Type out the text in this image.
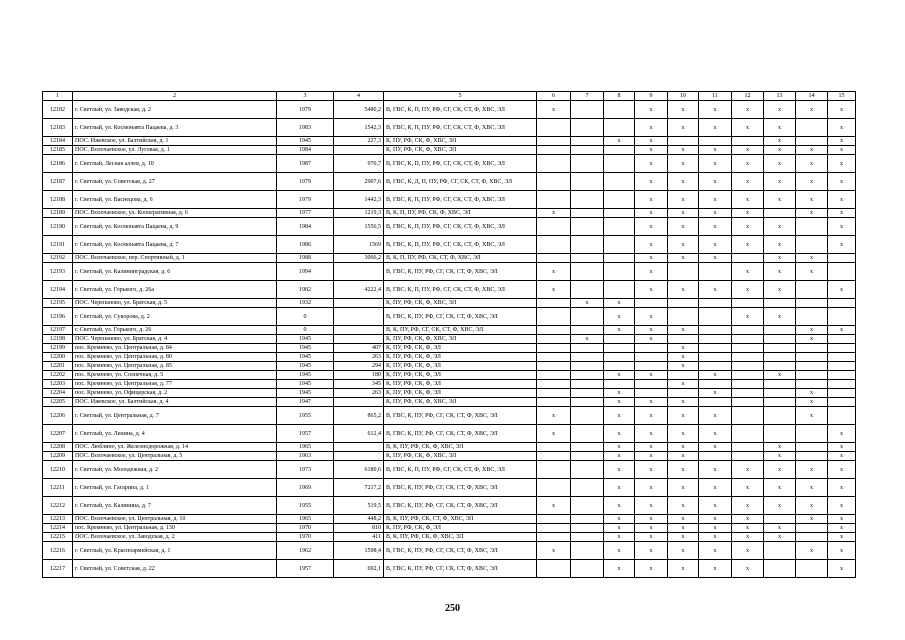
1	2	3	4	5	6	7	8	9	10	11	12	13	14	15
12182	г. Светлый, ул. Заводская, д. 2	1979	5480,2	В, ГВС, К, П, ПУ, РФ, СГ, СК, СТ, Ф, ХВС, ЭЛ	x			x	x	x	x	x	x	x
12183	г. Светлый, ул. Космонавта Пацаева, д. 3	1983	1542,3	В, ГВС, К, П, ПУ, РФ, СГ, СК, СТ, Ф, ХВС, ЭЛ				x	x	x	x	x		x
12184	ПОС. Ижевское, ул. Балтийская, д. 1	1945	227,3	К, ПУ, РФ, СК, Ф, ХВС, ЭЛ			x	x				x		x
12185	ПОС. Волочаевское, ул. Луговая, д. 1	1984		К, ПУ, РФ, СК, Ф, ХВС, ЭЛ				x	x	x	x	x	x	x
12186	г. Светлый, Лесная аллея, д. 10	1987	970,7	В, ГВС, К, П, ПУ, РФ, СГ, СК, СТ, Ф, ХВС, ЭЛ				x	x	x	x	x	x	x
12187	г. Светлый, ул. Советская, д. 27	1979	2907,6	В, ГВС, К, Д, П, ПУ, РФ, СГ, СК, СТ, Ф, ХВС, ЭЛ				x	x	x	x	x	x	x
12188	г. Светлый, ул. Васнецова, д. 6	1979	1442,3	В, ГВС, К, П, ПУ, РФ, СГ, СК, СТ, Ф, ХВС, ЭЛ				x	x	x	x	x	x	x
12189	ПОС. Волочаевское, ул. Кооперативная, д. 6	1977	1219,3	В, К, П, ПУ, РФ, СК, Ф, ХВС, ЭЛ	x			x	x	x	x		x	x
12190	г. Светлый, ул. Космонавта Пацаева, д. 9	1984	1556,5	В, ГВС, К, П, ПУ, РФ, СГ, СК, СТ, Ф, ХВС, ЭЛ				x	x	x	x	x		x
12191	г. Светлый, ул. Космонавта Пацаева, д. 7	1986	1569	В, ГВС, К, П, ПУ, РФ, СГ, СК, СТ, Ф, ХВС, ЭЛ				x	x	x	x	x		x
12192	ПОС. Волочаевское, пер. Спортивный, д. 1	1988	3066,2	В, К, П, ПУ, РФ, СК, СТ, Ф, ХВС, ЭЛ				x	x	x		x	x	
12193	г. Светлый, ул. Калининградская, д. 6	1994		В, ГВС, К, ПУ, РФ, СГ, СК, СТ, Ф, ХВС, ЭЛ	x			x			x	x	x	
12194	г. Светлый, ул. Горького, д. 26а	1982	4222,4	В, ГВС, К, П, ПУ, РФ, СГ, СК, СТ, Ф, ХВС, ЭЛ	x			x	x	x	x	x		x
12195	ПОС. Черепаново, ул. Братская, д. 5	1932		К, ПУ, РФ, СК, Ф, ХВС, ЭЛ		x	x							
12196	г. Светлый, ул. Суворова, д. 2	0		В, ГВС, К, ПУ, РФ, СГ, СК, СТ, Ф, ХВС, ЭЛ			x	x			x	x		
12197	г. Светлый, ул. Горького, д. 26	0		В, К, ПУ, РФ, СГ, СК, СТ, Ф, ХВС, ЭЛ			x	x	x				x	x
12198	ПОС. Черепаново, ул. Братская, д. 4	1945		К, ПУ, РФ, СК, Ф, ХВС, ЭЛ		x		x					x	
12199	пос. Кремнево, ул. Центральная, д. 84	1945	407	К, ПУ, РФ, СК, Ф, ЭЛ					x					
12200	пос. Кремнево, ул. Центральная, д. 80	1945	263	К, ПУ, РФ, СК, Ф, ЭЛ					x					
12201	пос. Кремнево, ул. Центральная, д. 85	1945	294	К, ПУ, РФ, СК, Ф, ЭЛ					x					
12202	пос. Кремнево, ул. Солнечная, д. 5	1945	180	К, ПУ, РФ, СК, Ф, ЭЛ			x	x		x		x		
12203	пос. Кремнево, ул. Центральная, д. 77	1945	345	К, ПУ, РФ, СК, Ф, ЭЛ					x					
12204	пос. Кремнево, ул. Офицерская, д. 2	1945	263	К, ПУ, РФ, СК, Ф, ЭЛ			x			x			x	
12205	ПОС. Ижевское, ул. Балтийская, д. 4	1947		К, ПУ, РФ, СК, Ф, ХВС, ЭЛ			x	x	x				x	
12206	г. Светлый, ул. Центральная, д. 7	1955	865,2	В, ГВС, К, ПУ, РФ, СГ, СК, СТ, Ф, ХВС, ЭЛ	x		x	x	x	x			x	
12207	г. Светлый, ул. Ленина, д. 4	1957	612,4	В, ГВС, К, ПУ, РФ, СГ, СК, СТ, Ф, ХВС, ЭЛ	x		x	x	x	x				x
12208	ПОС. Люблино, ул. Железнодорожная, д. 14	1965		В, К, ПУ, РФ, СК, Ф, ХВС, ЭЛ			x	x	x	x		x		x
12209	ПОС. Волочаевское, ул. Центральная, д. 5	1963		К, ПУ, РФ, СК, Ф, ХВС, ЭЛ			x	x	x			x		x
12210	г. Светлый, ул. Молодежная, д. 2	1973	6180,6	В, ГВС, К, П, ПУ, РФ, СГ, СК, СТ, Ф, ХВС, ЭЛ			x	x	x	x	x	x	x	x
12211	г. Светлый, ул. Гагарина, д. 1	1969	7217,2	В, ГВС, К, ПУ, РФ, СГ, СК, СТ, Ф, ХВС, ЭЛ			x	x	x	x	x	x	x	x
12212	г. Светлый, ул. Калинина, д. 7	1955	519,5	В, ГВС, К, ПУ, РФ, СГ, СК, СТ, Ф, ХВС, ЭЛ	x		x	x	x	x	x	x	x	x
12213	ПОС. Волочаевское, ул. Центральная, д. 10	1965	448,2	В, К, ПУ, РФ, СК, СТ, Ф, ХВС, ЭЛ			x	x	x	x	x		x	x
12214	пос. Кремнево, ул. Центральная, д. 130	1970	810	К, ПУ, РФ, СК, Ф, ЭЛ			x	x	x	x	x	x		x
12215	ПОС. Волочаевское, ул. Заводская, д. 2	1970	411	В, К, ПУ, РФ, СК, Ф, ХВС, ЭЛ			x	x	x	x	x	x		x
12216	г. Светлый, ул. Красноармейская, д. 1	1962	1598,4	В, ГВС, К, ПУ, РФ, СГ, СК, СТ, Ф, ХВС, ЭЛ	x		x	x	x	x	x		x	x
12217	г. Светлый, ул. Советская, д. 22	1957	692,1	В, ГВС, К, ПУ, РФ, СГ, СК, СТ, Ф, ХВС, ЭЛ			x	x	x	x	x			x
250
